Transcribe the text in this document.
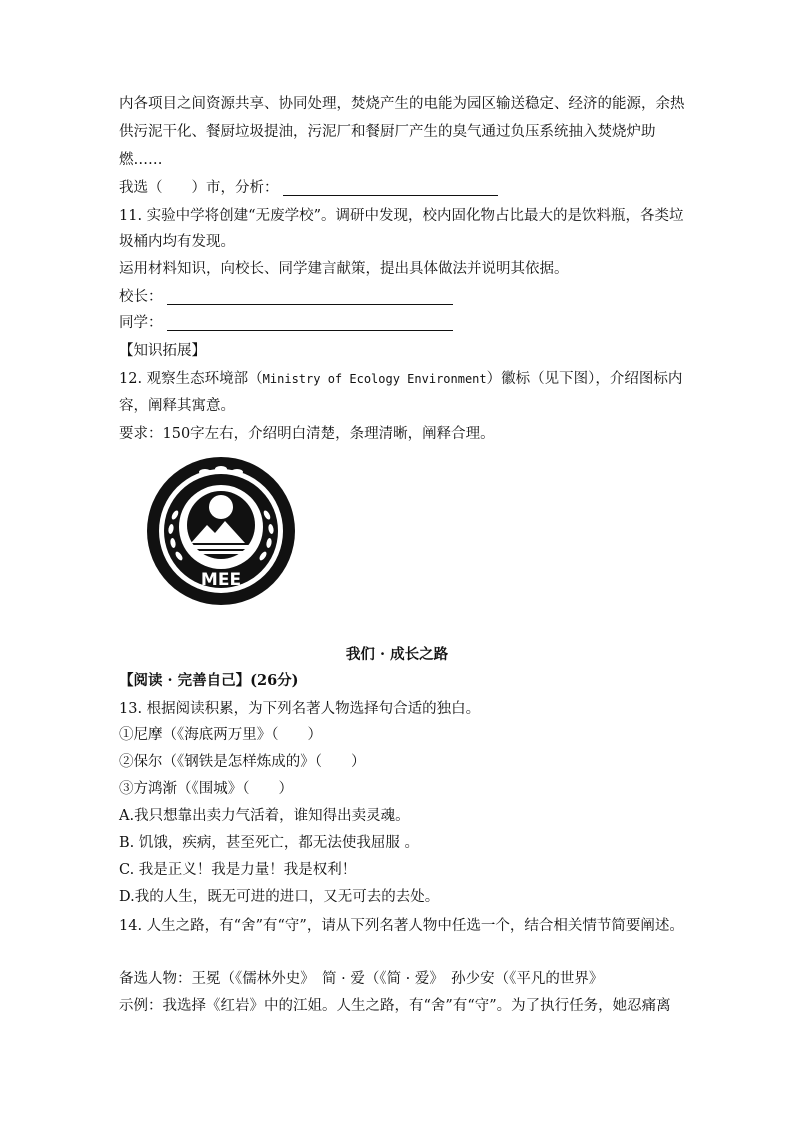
内各项目之间资源共享、协同处理，焚烧产生的电能为园区输送稳定、经济的能源，余热
供污泥干化、餐厨垃圾提油，污泥厂和餐厨厂产生的臭气通过负压系统抽入焚烧炉助
燃……
我选（　　）市，分析：
11. 实验中学将创建“无废学校”。调研中发现，校内固化物占比最大的是饮料瓶，各类垃
圾桶内均有发现。
运用材料知识，向校长、同学建言献策，提出具体做法并说明其依据。
校长：
同学：
【知识拓展】
12. 观察生态环境部（Ministry of Ecology Environment）徽标（见下图），介绍图标内
容，阐释其寓意。
要求：150字左右，介绍明白清楚，条理清晰，阐释合理。
MEE
我们 · 成长之路
【阅读 · 完善自己】(26分)
13. 根据阅读积累，为下列名著人物选择句合适的独白。
①尼摩（《海底两万里》（　　）
②保尔（《钢铁是怎样炼成的》（　　）
③方鸿渐（《围城》（　　）
A.我只想靠出卖力气活着，谁知得出卖灵魂。
B. 饥饿，疾病，甚至死亡，都无法使我屈服 。
C. 我是正义！我是力量！我是权利！
D.我的人生，既无可进的进口，又无可去的去处。
14. 人生之路，有“舍”有“守”，请从下列名著人物中任选一个，结合相关情节简要阐述。
备选人物：王冕（《儒林外史》　简 · 爱（《简 · 爱》　孙少安（《平凡的世界》
示例：我选择《红岩》中的江姐。人生之路，有“舍”有“守”。为了执行任务，她忍痛离
